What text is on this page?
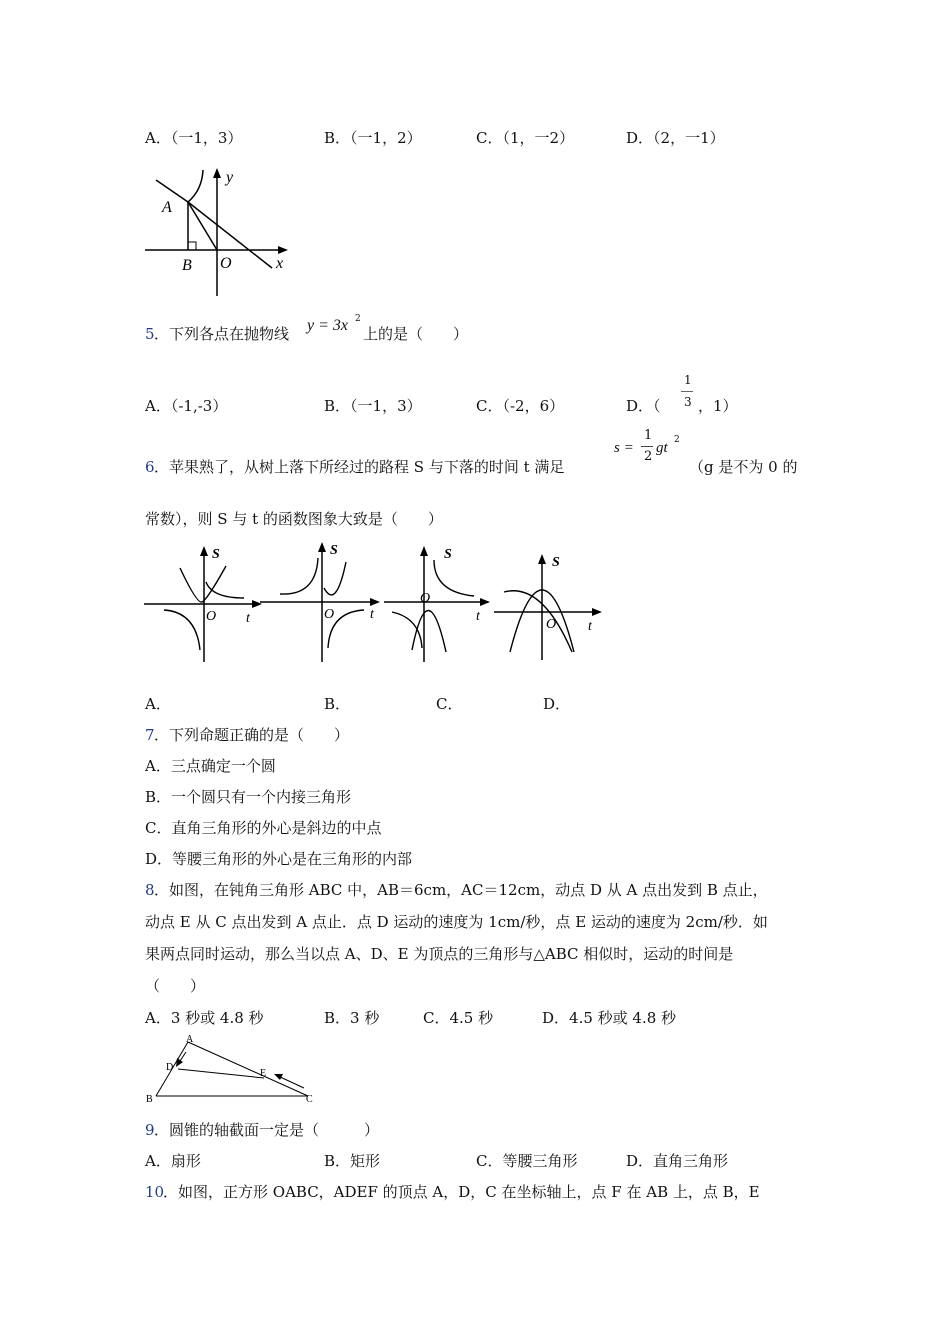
A．（一1，3）	B．（一1，2）	C．（1，一2）	D．（2，一1）
y
A
B O	x
5 ．下列各点在抛物线 y = 3x 2
上的是（　　）
A．（-1,-3）	B．（一1，3）	C．（-2，6）	D．（
1
3 ，1）
6 ．苹果熟了，从树上落下所经过的路程 S 与下落的时间 t 满足
s =
1
2
gt 2
（g 是不为 0 的
常数），则 S 与 t 的函数图象大致是（　　）
S
O t
S
O	t
S
O
t
S
O t
A．	B．	C．	D．
7 ．下列命题正确的是（　　）
A．三点确定一个圆
B．一个圆只有一个内接三角形
C．直角三角形的外心是斜边的中点
D．等腰三角形的外心是在三角形的内部
8 ．如图，在钝角三角形 ABC 中，AB＝6cm，AC＝12cm，动点 D 从 A 点出发到 B 点止，
动点 E 从 C 点出发到 A 点止．点 D 运动的速度为 1cm/秒，点 E 运动的速度为 2cm/秒．如
果两点同时运动，那么当以点 A、D、E 为顶点的三角形与△ABC 相似时，运动的时间是
（　　）
A．3 秒或 4.8 秒	B．3 秒	C．4.5 秒	D．4.5 秒或 4.8 秒
A
D
E
B	C
9 ．圆锥的轴截面一定是（　　　）
A．扇形	B．矩形	C．等腰三角形	D．直角三角形
10
．如图，正方形 OABC，ADEF 的顶点 A，D，C 在坐标轴上，点 F 在 AB 上，点 B，E
